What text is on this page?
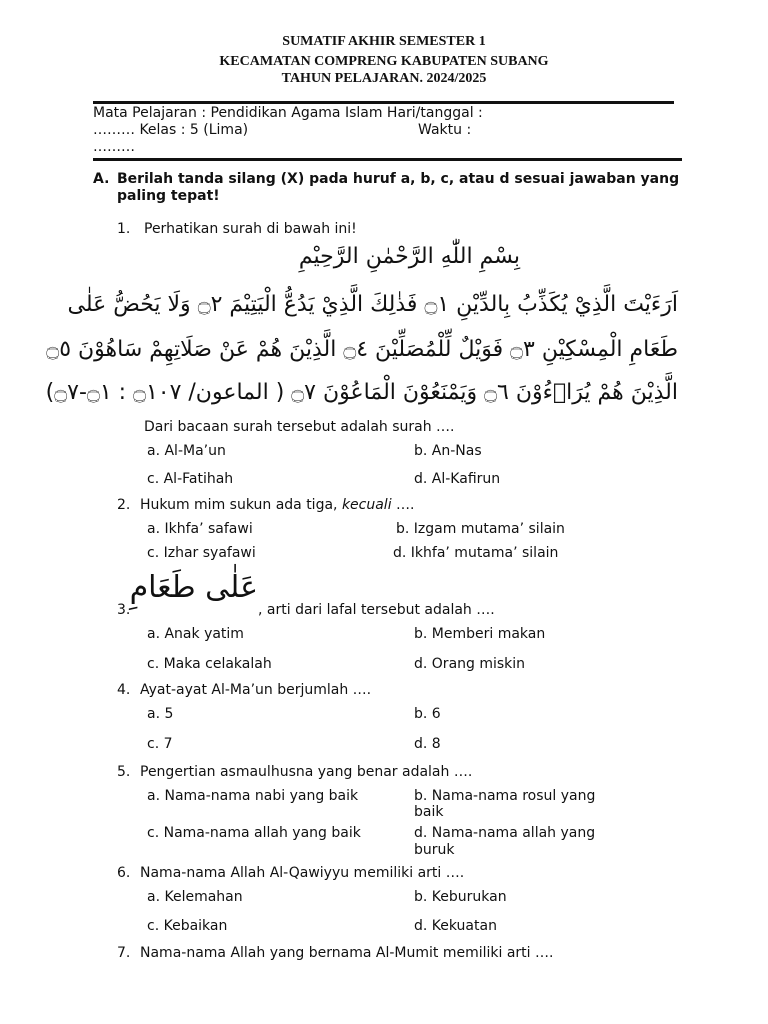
SUMATIF AKHIR SEMESTER 1
KECAMATAN COMPRENG KABUPATEN SUBANG
TAHUN PELAJARAN. 2024/2025
Mata Pelajaran : Pendidikan Agama Islam Hari/tanggal :
……… Kelas : 5 (Lima)	Waktu :
………
A. Berilah tanda silang (X) pada huruf a, b, c, atau d sesuai jawaban yang
paling tepat!
1. Perhatikan surah di bawah ini!
بِسْمِ اللّٰهِ الرَّحْمٰنِ الرَّحِيْمِ
اَرَءَيْتَ الَّذِيْ يُكَذِّبُ بِالدِّيْنِ ۝١ فَذٰلِكَ الَّذِيْ يَدُعُّ الْيَتِيْمَ ۝٢ وَلَا يَحُضُّ عَلٰى
طَعَامِ الْمِسْكِيْنِ ۝٣ فَوَيْلٌ لِّلْمُصَلِّيْنَ ۝٤ الَّذِيْنَ هُمْ عَنْ صَلَاتِهِمْ سَاهُوْنَ ۝٥
الَّذِيْنَ هُمْ يُرَاۤءُوْنَ ۝٦ وَيَمْنَعُوْنَ الْمَاعُوْنَ ۝٧ ( الماعون/ ۝١٠٧ : ۝١-۝٧)
Dari bacaan surah tersebut adalah surah ….
a. Al-Ma’un	b. An-Nas
c. Al-Fatihah	d. Al-Kafirun
2. Hukum mim sukun ada tiga, kecuali ….
a. Ikhfa’ safawi	b. Izgam mutama’ silain
c. Izhar syafawi	d. Ikhfa’ mutama’ silain
3.
عَلٰى طَعَامِ
, arti dari lafal tersebut adalah ….
a. Anak yatim	b. Memberi makan
c. Maka celakalah	d. Orang miskin
4. Ayat-ayat Al-Ma’un berjumlah ….
a. 5	b. 6
c. 7	d. 8
5. Pengertian asmaulhusna yang benar adalah ….
a. Nama-nama nabi yang baik	b. Nama-nama rosul yang
baik
c. Nama-nama allah yang baik	d. Nama-nama allah yang
buruk
6. Nama-nama Allah Al-Qawiyyu memiliki arti ….
a. Kelemahan	b. Keburukan
c. Kebaikan	d. Kekuatan
7. Nama-nama Allah yang bernama Al-Mumit memiliki arti ….
